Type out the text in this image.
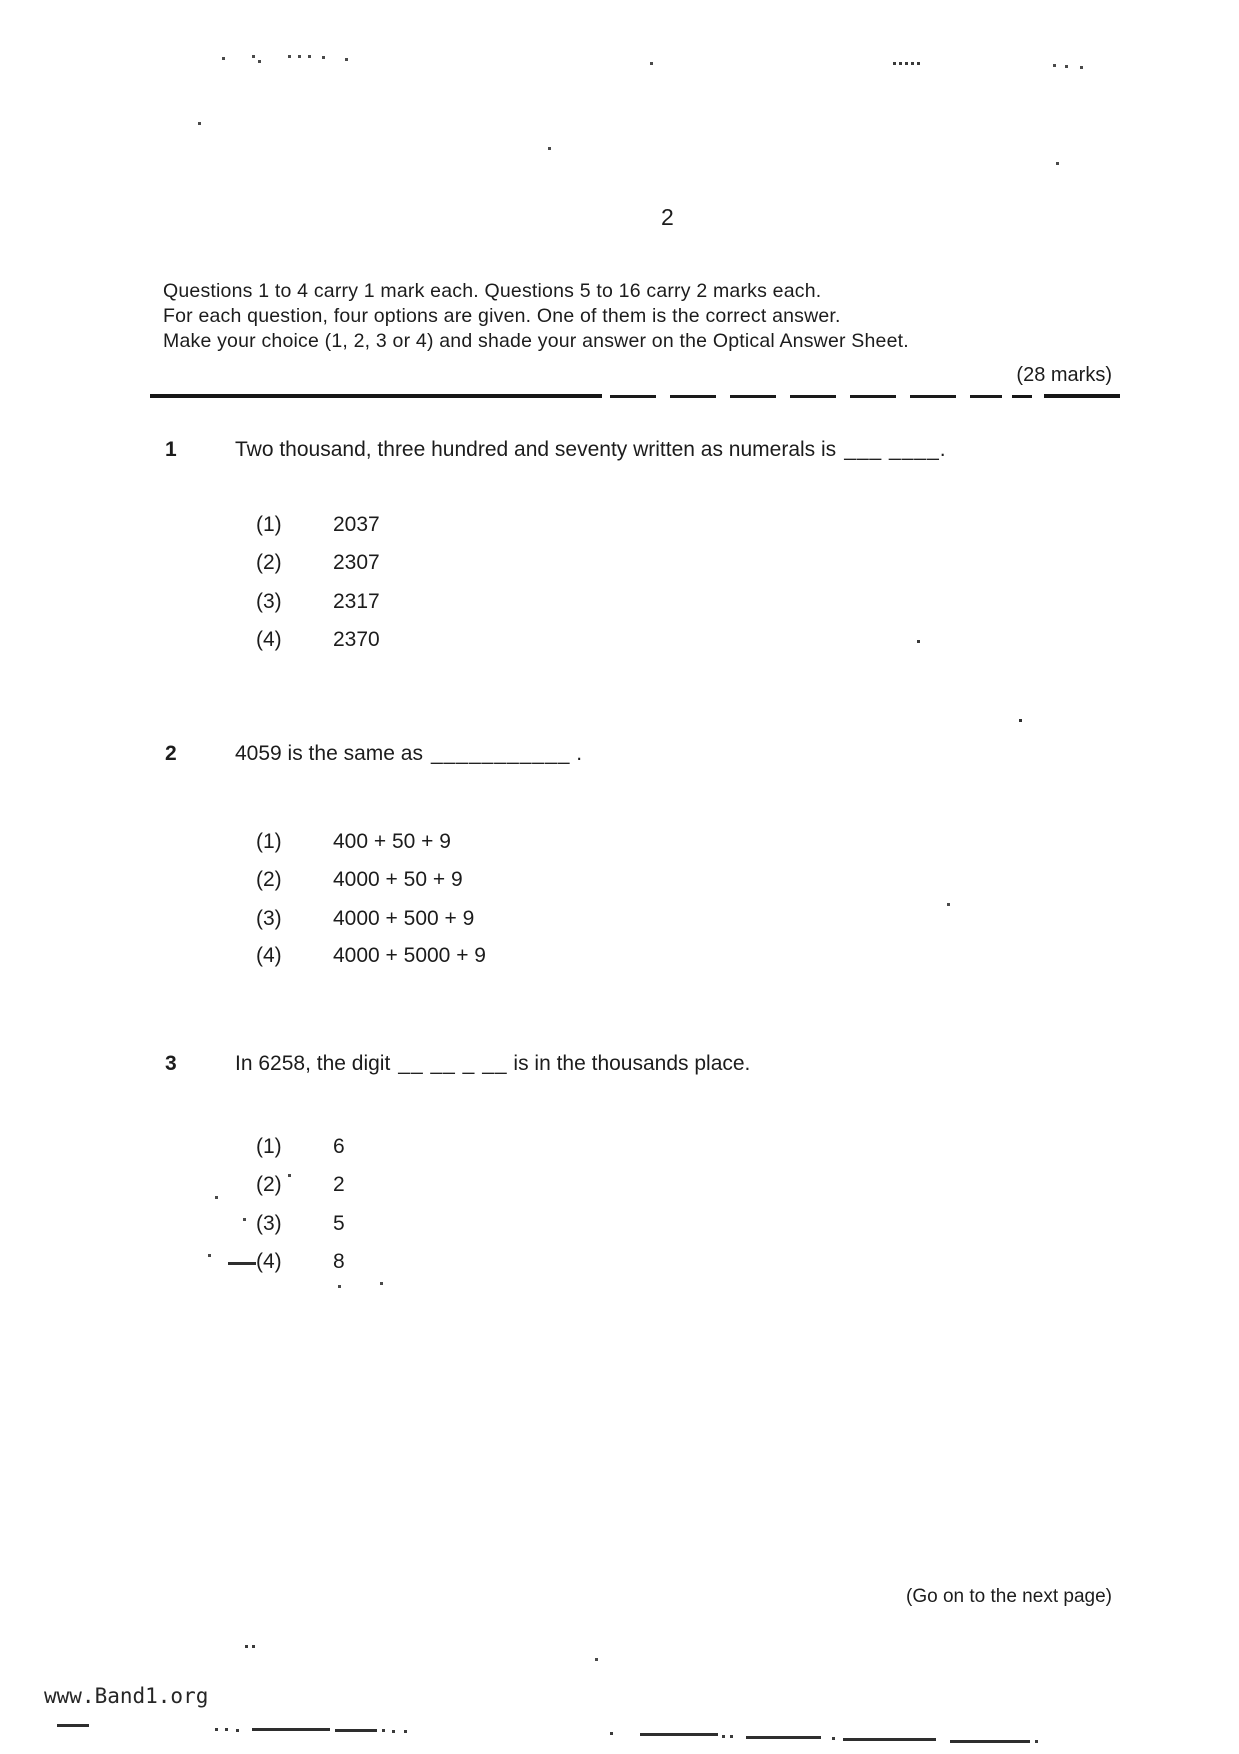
2
Questions 1 to 4 carry 1 mark each. Questions 5 to 16 carry 2 marks each.
For each question, four options are given. One of them is the correct answer.
Make your choice (1, 2, 3 or 4) and shade your answer on the Optical Answer Sheet.
(28 marks)
1	Two thousand, three hundred and seventy written as numerals is ___ ____.
(1) 2037
(2) 2307
(3) 2317
(4) 2370
2	4059 is the same as ___________ .
(1) 400 + 50 + 9
(2) 4000 + 50 + 9
(3) 4000 + 500 + 9
(4) 4000 + 5000 + 9
3	In 6258, the digit __ __ _ __ is in the thousands place.
(1) 6
(2) 2
(3) 5
(4) 8
(Go on to the next page)
www.Band1.org
